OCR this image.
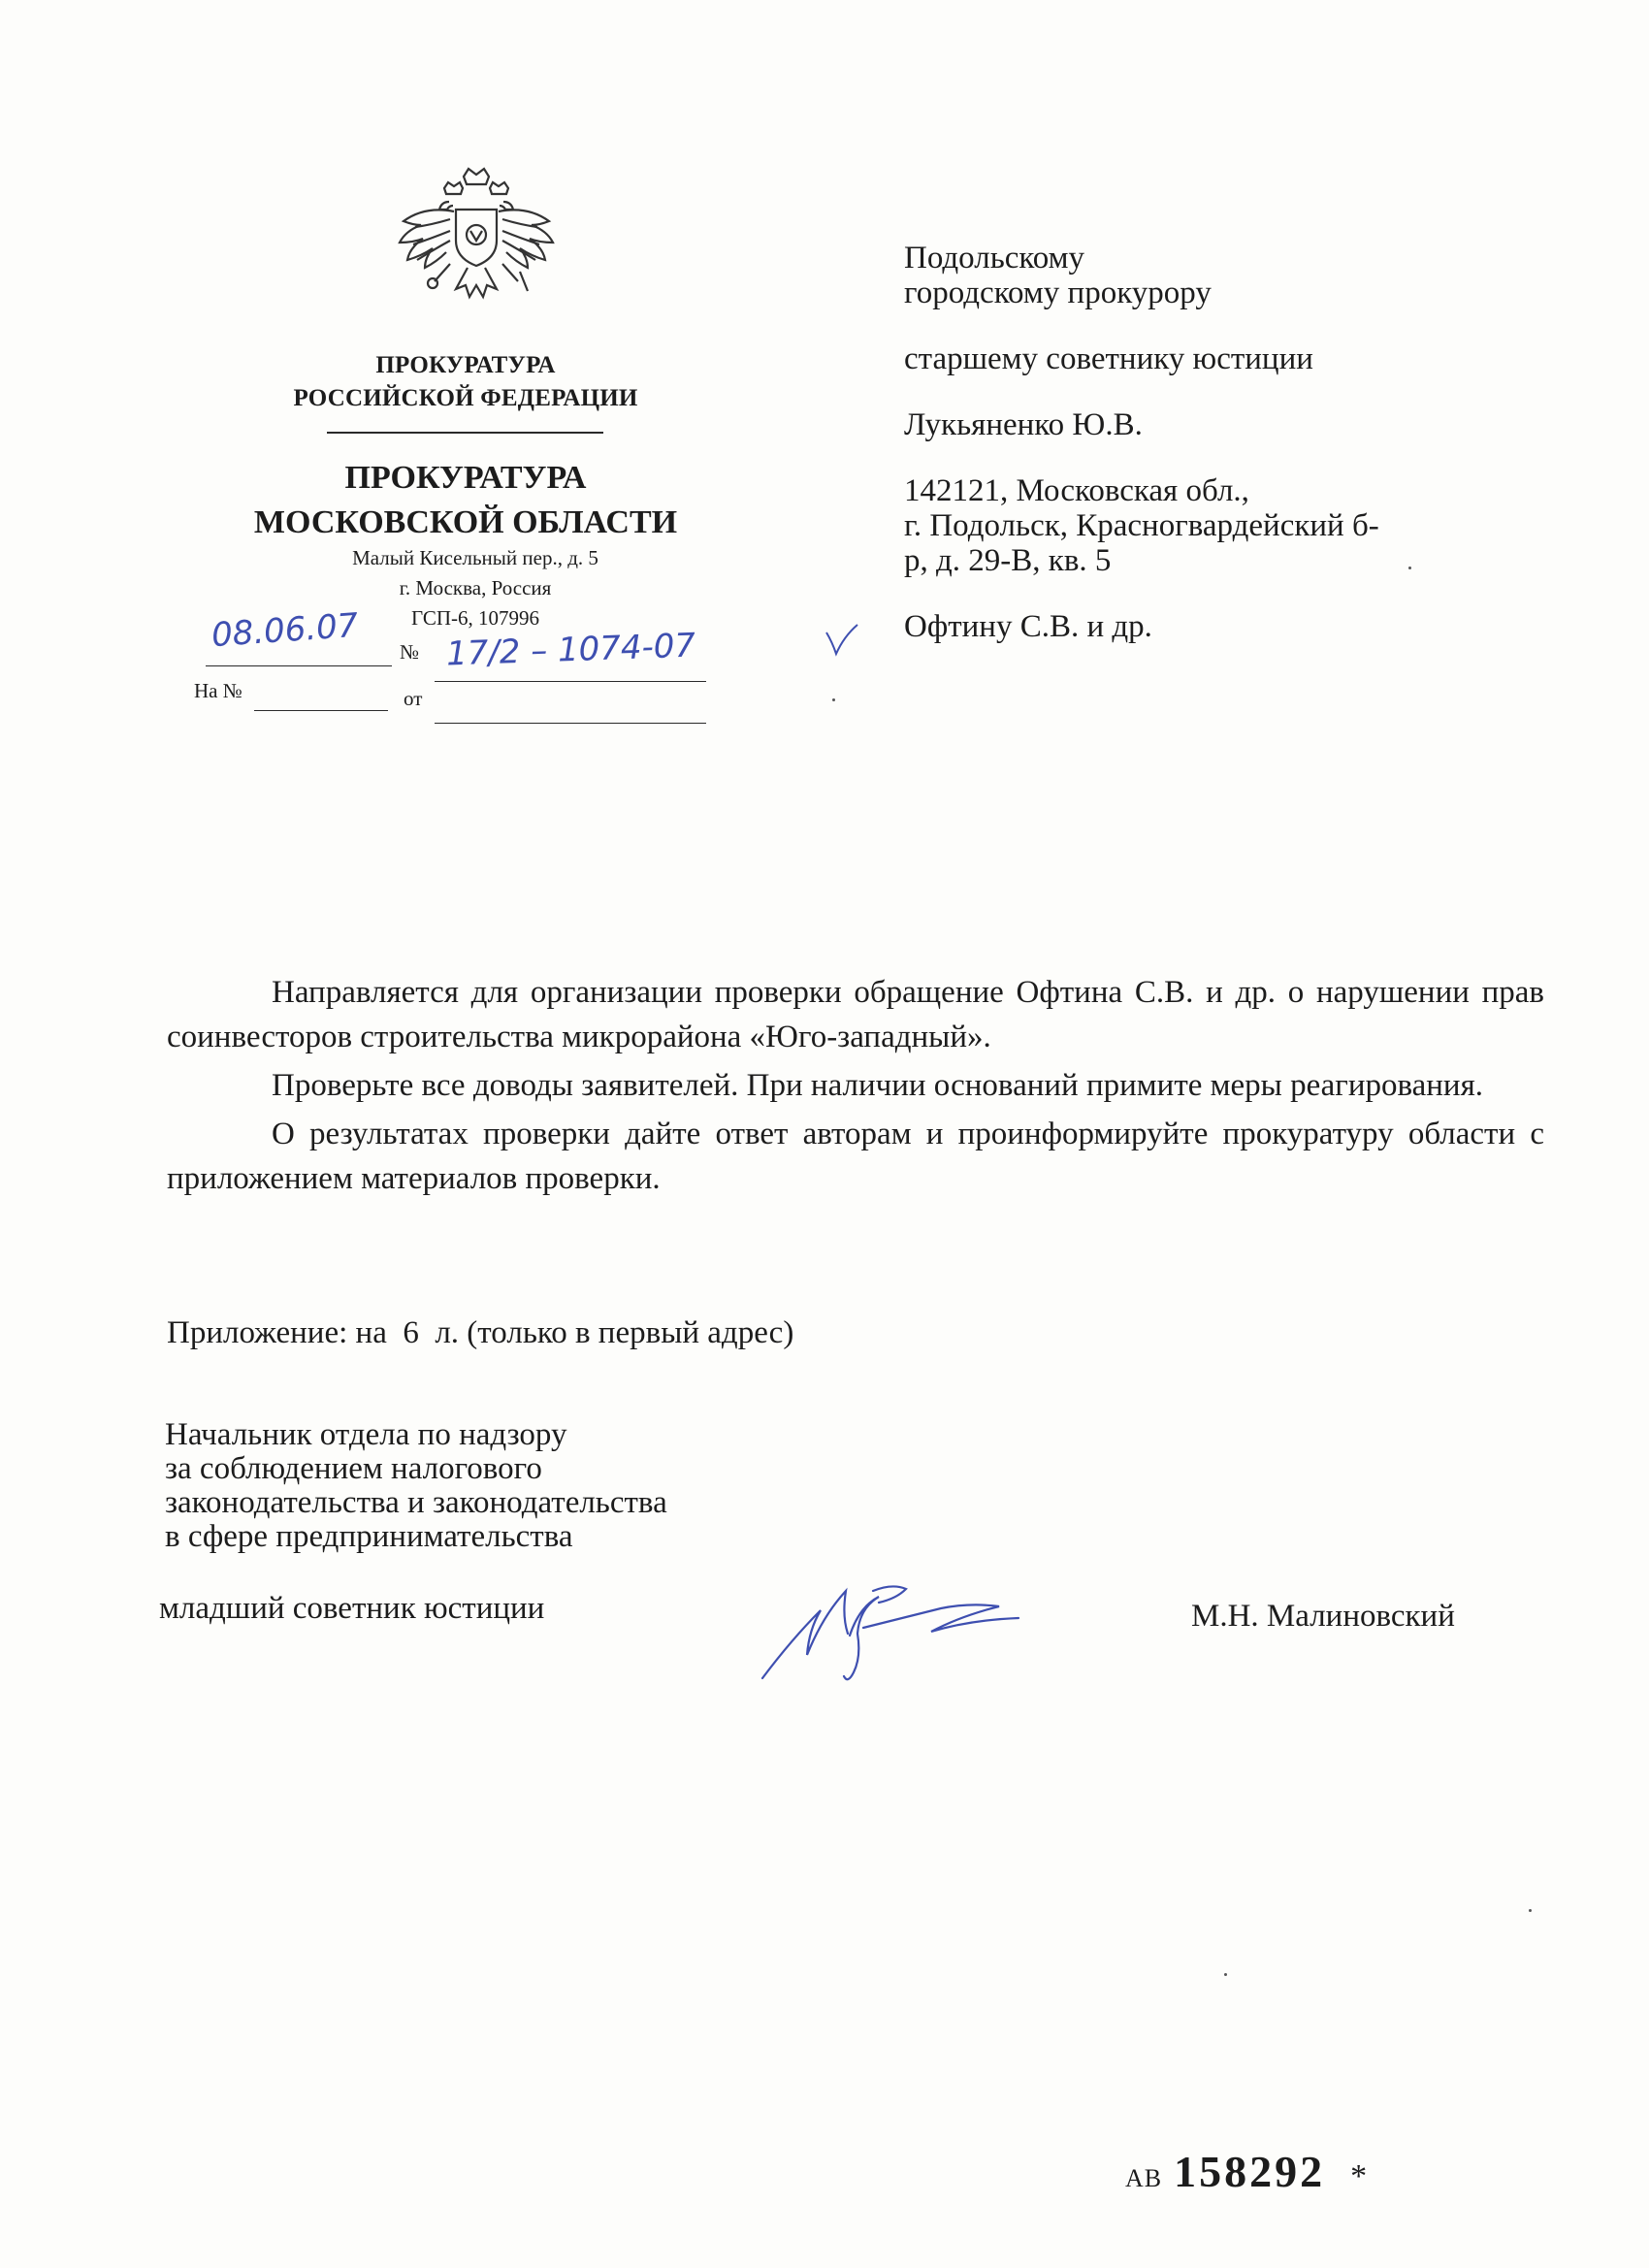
ПРОКУРАТУРА
РОССИЙСКОЙ ФЕДЕРАЦИИ
ПРОКУРАТУРА
МОСКОВСКОЙ ОБЛАСТИ
Малый Кисельный пер., д. 5
г. Москва, Россия
ГСП-6, 107996
08.06.07 № 17/2 – 1074-07
На №	от

Подольскому

городскому прокурору

старшему советнику юстиции

Лукьяненко Ю.В.

142121, Московская обл.,

г. Подольск, Красногвардейский б-

р, д. 29-В, кв. 5

Офтину С.В. и др.

Направляется для организации проверки обращение Офтина С.В. и др. о нарушении прав соинвесторов строительства микрорайона «Юго-западный».

Проверьте все доводы заявителей. При наличии оснований примите меры реагирования.

О результатах проверки дайте ответ авторам и проинформируйте прокуратуру области с приложением материалов проверки.

Приложение: на  6  л. (только в первый адрес)

Начальник отдела по надзору

за соблюдением налогового

законодательства и законодательства

в сфере предпринимательства

младший советник юстиции	М.Н. Малиновский
АВ 158292 *
